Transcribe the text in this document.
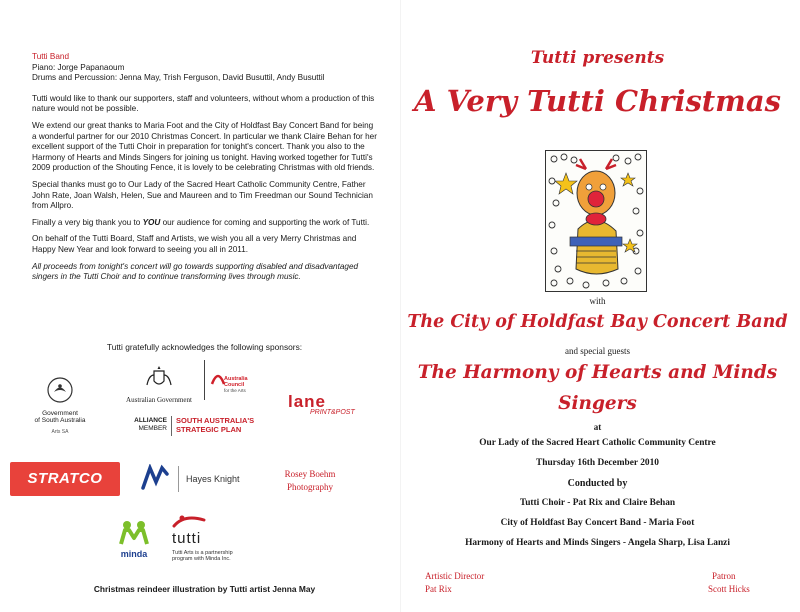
Tutti Band
Piano: Jorge Papanaoum
Drums and Percussion: Jenna May, Trish Ferguson, David Busuttil, Andy Busuttil

Tutti would like to thank our supporters, staff and volunteers, without whom a production of this nature would not be possible.

We extend our great thanks to Maria Foot and the City of Holdfast Bay Concert Band for being a wonderful partner for our 2010 Christmas Concert. In particular we thank Claire Behan for her excellent support of the Tutti Choir in preparation for tonight's concert. Thank you also to the Harmony of Hearts and Minds Singers for joining us tonight. Having worked together for Tutti's 2009 production of the Shouting Fence, it is lovely to be celebrating Christmas with old friends.

Special thanks must go to Our Lady of the Sacred Heart Catholic Community Centre, Father John Rate, Joan Walsh, Helen, Sue and Maureen and to Tim Freedman our Sound Technician from Allpro.

Finally a very big thank you to YOU our audience for coming and supporting the work of Tutti.

On behalf of the Tutti Board, Staff and Artists, we wish you all a very Merry Christmas and Happy New Year and look forward to seeing you all in 2011.

All proceeds from tonight's concert will go towards supporting disabled and disadvantaged singers in the Tutti Choir and to continue transforming lives through music.

Tutti gratefully acknowledges the following sponsors:
Government
of South Australia
Arts SA
Australian Government
Australia
Council
for the Arts
lane
PRINT&POST
ALLIANCE
MEMBER
SOUTH AUSTRALIA'S
STRATEGIC PLAN
STRATCO	Hayes Knight	Rosey Boehm
Photography
minda
tutti
Tutti Arts is a partnership
program with Minda Inc.
Christmas reindeer illustration by Tutti artist Jenna May
Tutti presents
A Very Tutti Christmas
with
The City of Holdfast Bay Concert Band
and special guests
The Harmony of Hearts and Minds
Singers
at
Our Lady of the Sacred Heart Catholic Community Centre
Thursday 16th December 2010
Conducted by
Tutti Choir - Pat Rix and Claire Behan
City of Holdfast Bay Concert Band - Maria Foot
Harmony of Hearts and Minds Singers - Angela Sharp, Lisa Lanzi
Artistic Director
Pat Rix
Patron
Scott Hicks
